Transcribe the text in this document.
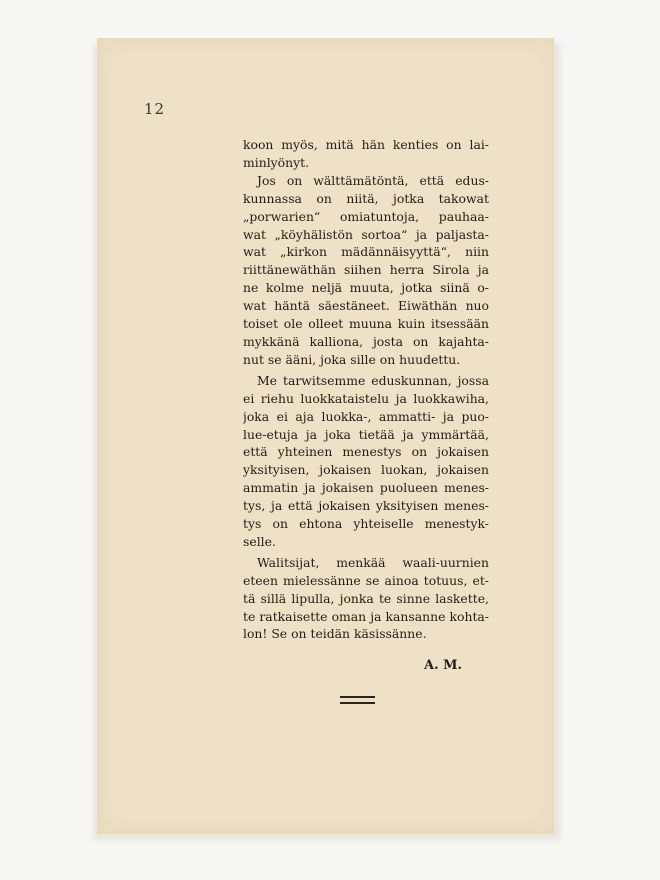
12
koon myös, mitä hän kenties on lai-
minlyönyt.
Jos on wälttämätöntä, että edus-
kunnassa on niitä, jotka takowat
„porwarien“ omiatuntoja, pauhaa-
wat „köyhälistön sortoa“ ja paljasta-
wat „kirkon mädännäisyyttä“, niin
riittänewäthän siihen herra Sirola ja
ne kolme neljä muuta, jotka siinä o-
wat häntä säestäneet. Eiwäthän nuo
toiset ole olleet muuna kuin itsessään
mykkänä kalliona, josta on kajahta-
nut se ääni, joka sille on huudettu.
Me tarwitsemme eduskunnan, jossa
ei riehu luokkataistelu ja luokkawiha,
joka ei aja luokka-, ammatti- ja puo-
lue-etuja ja joka tietää ja ymmärtää,
että yhteinen menestys on jokaisen
yksityisen, jokaisen luokan, jokaisen
ammatin ja jokaisen puolueen menes-
tys, ja että jokaisen yksityisen menes-
tys on ehtona yhteiselle menestyk-
selle.
Walitsijat, menkää waali-uurnien
eteen mielessänne se ainoa totuus, et-
tä sillä lipulla, jonka te sinne laskette,
te ratkaisette oman ja kansanne kohta-
lon! Se on teidän käsissänne.
A. M.
